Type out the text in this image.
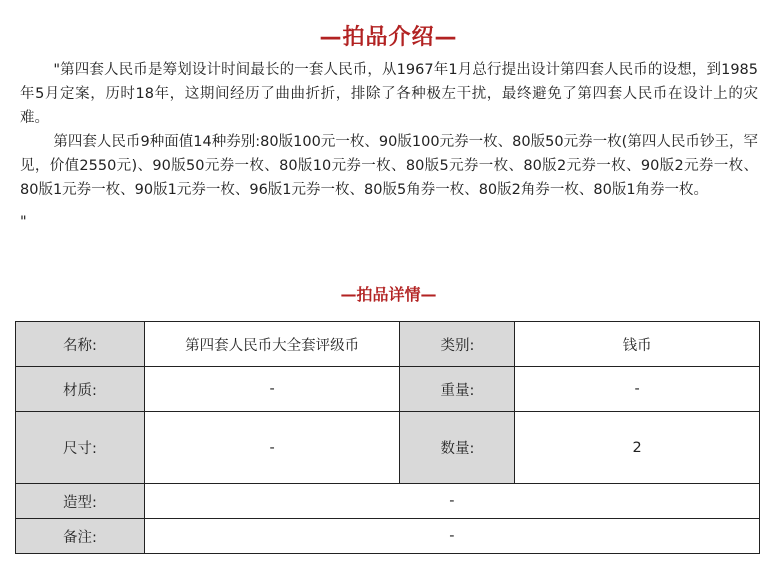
—拍品介绍—

"第四套人民币是筹划设计时间最长的一套人民币，从1967年1月总行提出设计第四套人民币的设想，到1985年5月定案，历时18年，这期间经历了曲曲折折，排除了各种极左干扰，最终避免了第四套人民币在设计上的灾难。

第四套人民币9种面值14种券别:80版100元一枚、90版100元券一枚、80版50元券一枚(第四人民币钞王，罕见，价值2550元)、90版50元券一枚、80版10元券一枚、80版5元券一枚、80版2元券一枚、90版2元券一枚、80版1元券一枚、90版1元券一枚、96版1元券一枚、80版5角券一枚、80版2角券一枚、80版1角券一枚。

"

—拍品详情—
名称:	第四套人民币大全套评级币	类别:	钱币
材质:	-	重量:	-
尺寸:	-	数量:	2
造型:	-		
备注:	-		
